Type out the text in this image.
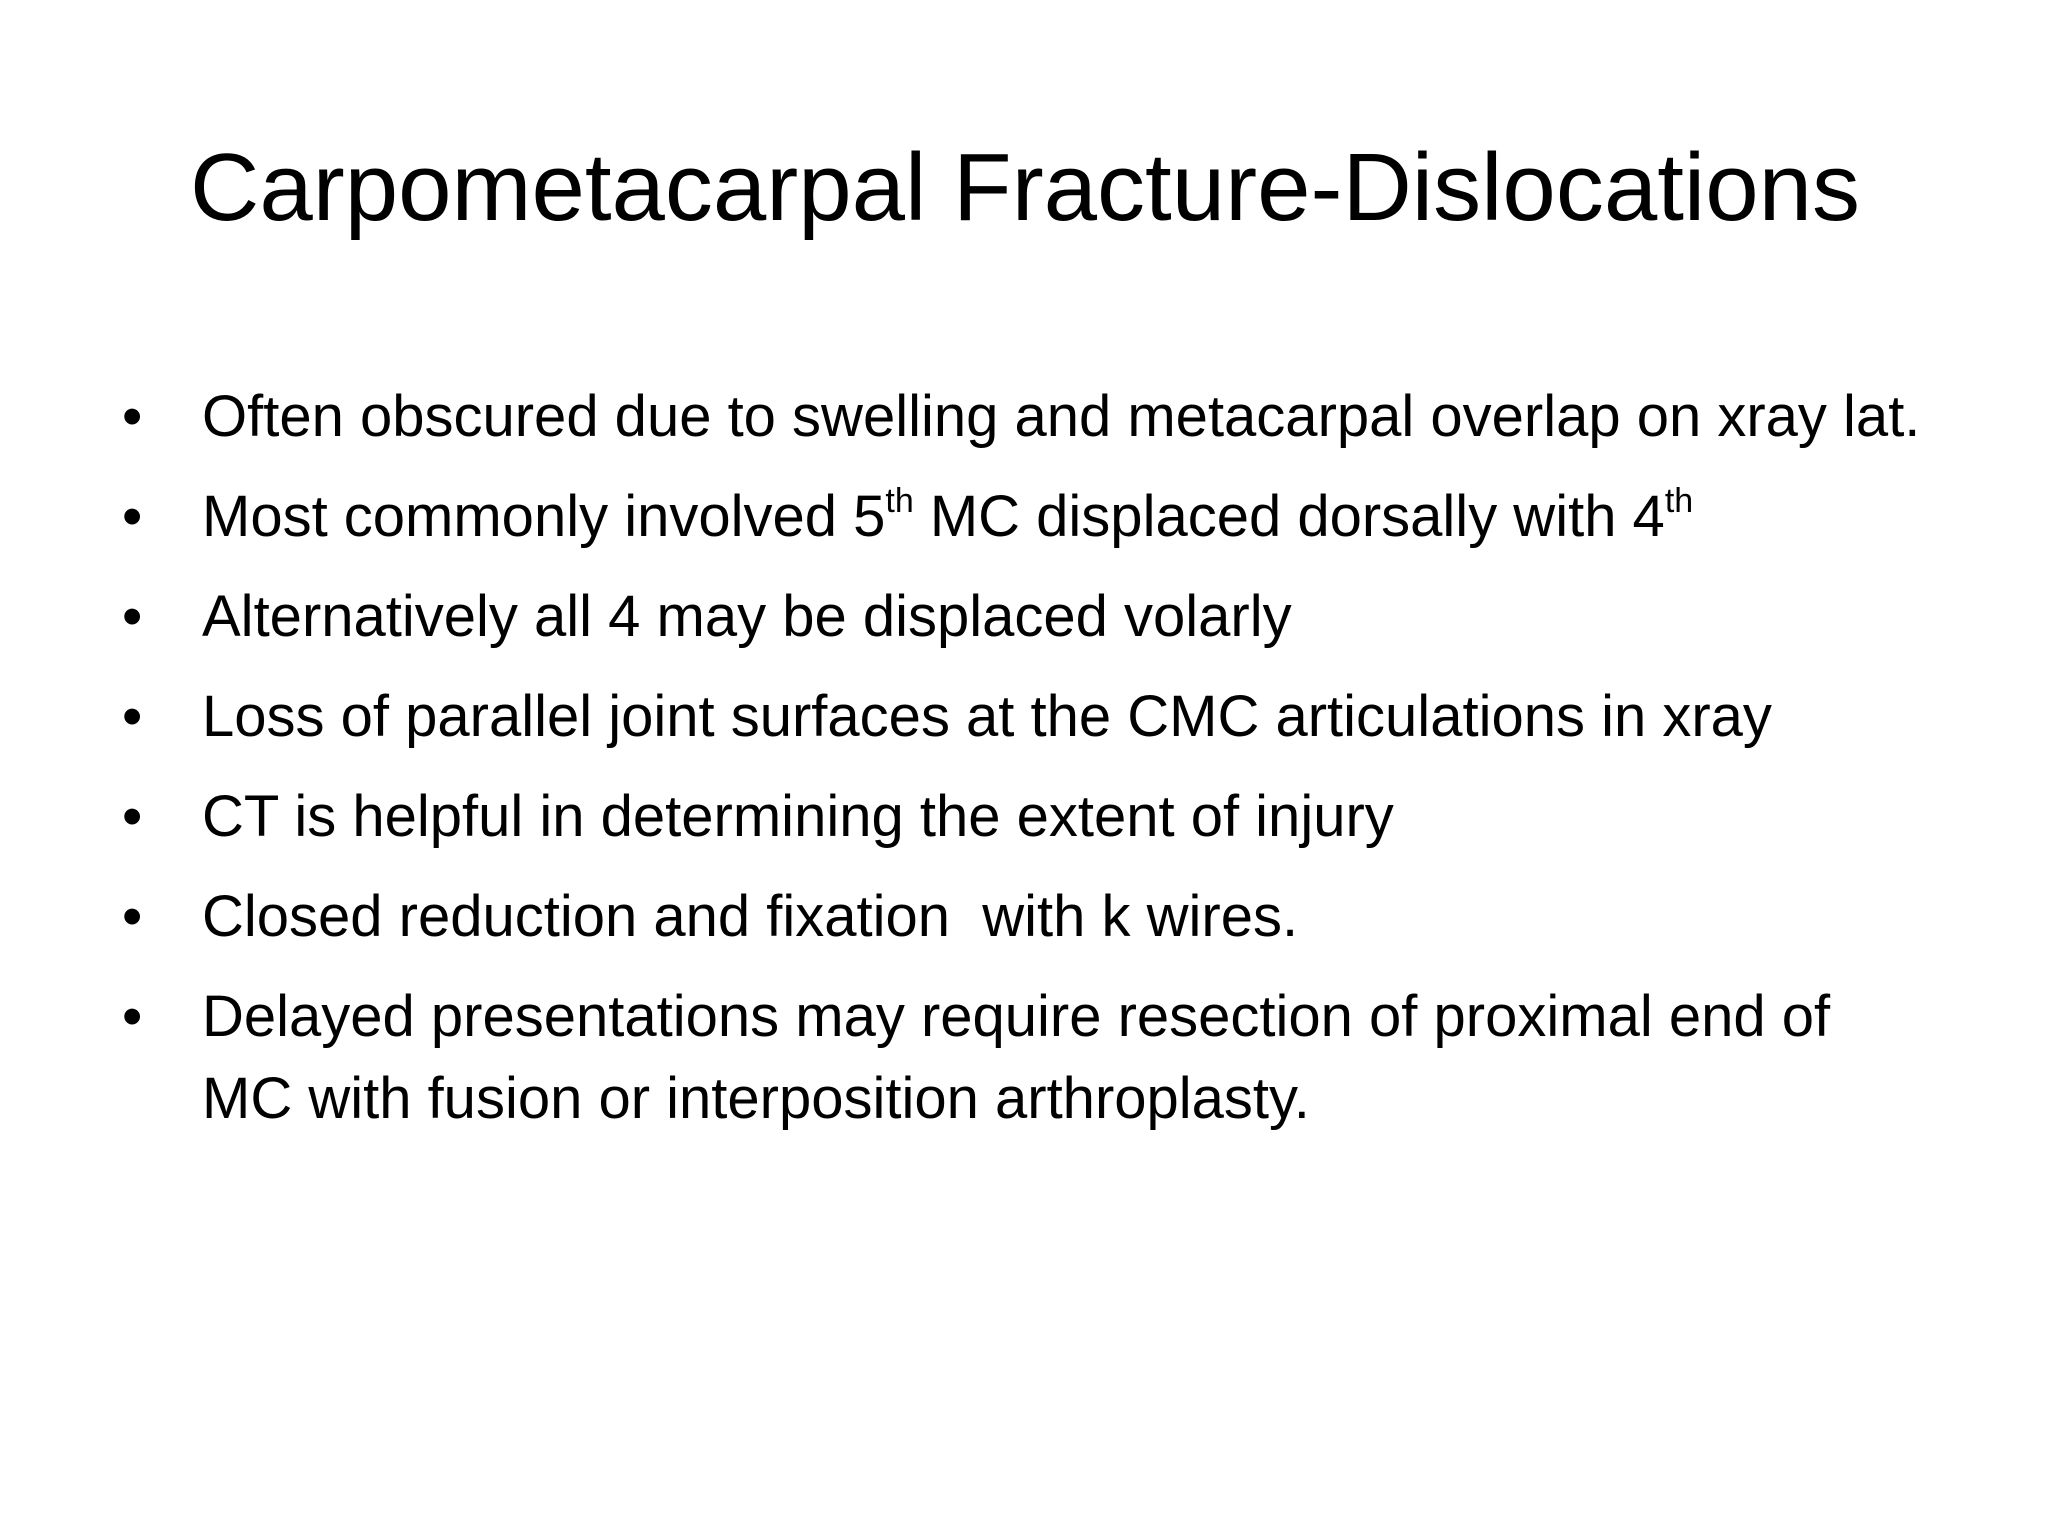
Carpometacarpal Fracture-Dislocations
•	Often obscured due to swelling and metacarpal overlap on xray lat.
•	Most commonly involved 5th MC displaced dorsally with 4th
•	Alternatively all 4 may be displaced volarly
•	Loss of parallel joint surfaces at the CMC articulations in xray
•	CT is helpful in determining the extent of injury
•	Closed reduction and fixation  with k wires.
•	Delayed presentations may require resection of proximal end of MC with fusion or interposition arthroplasty.
